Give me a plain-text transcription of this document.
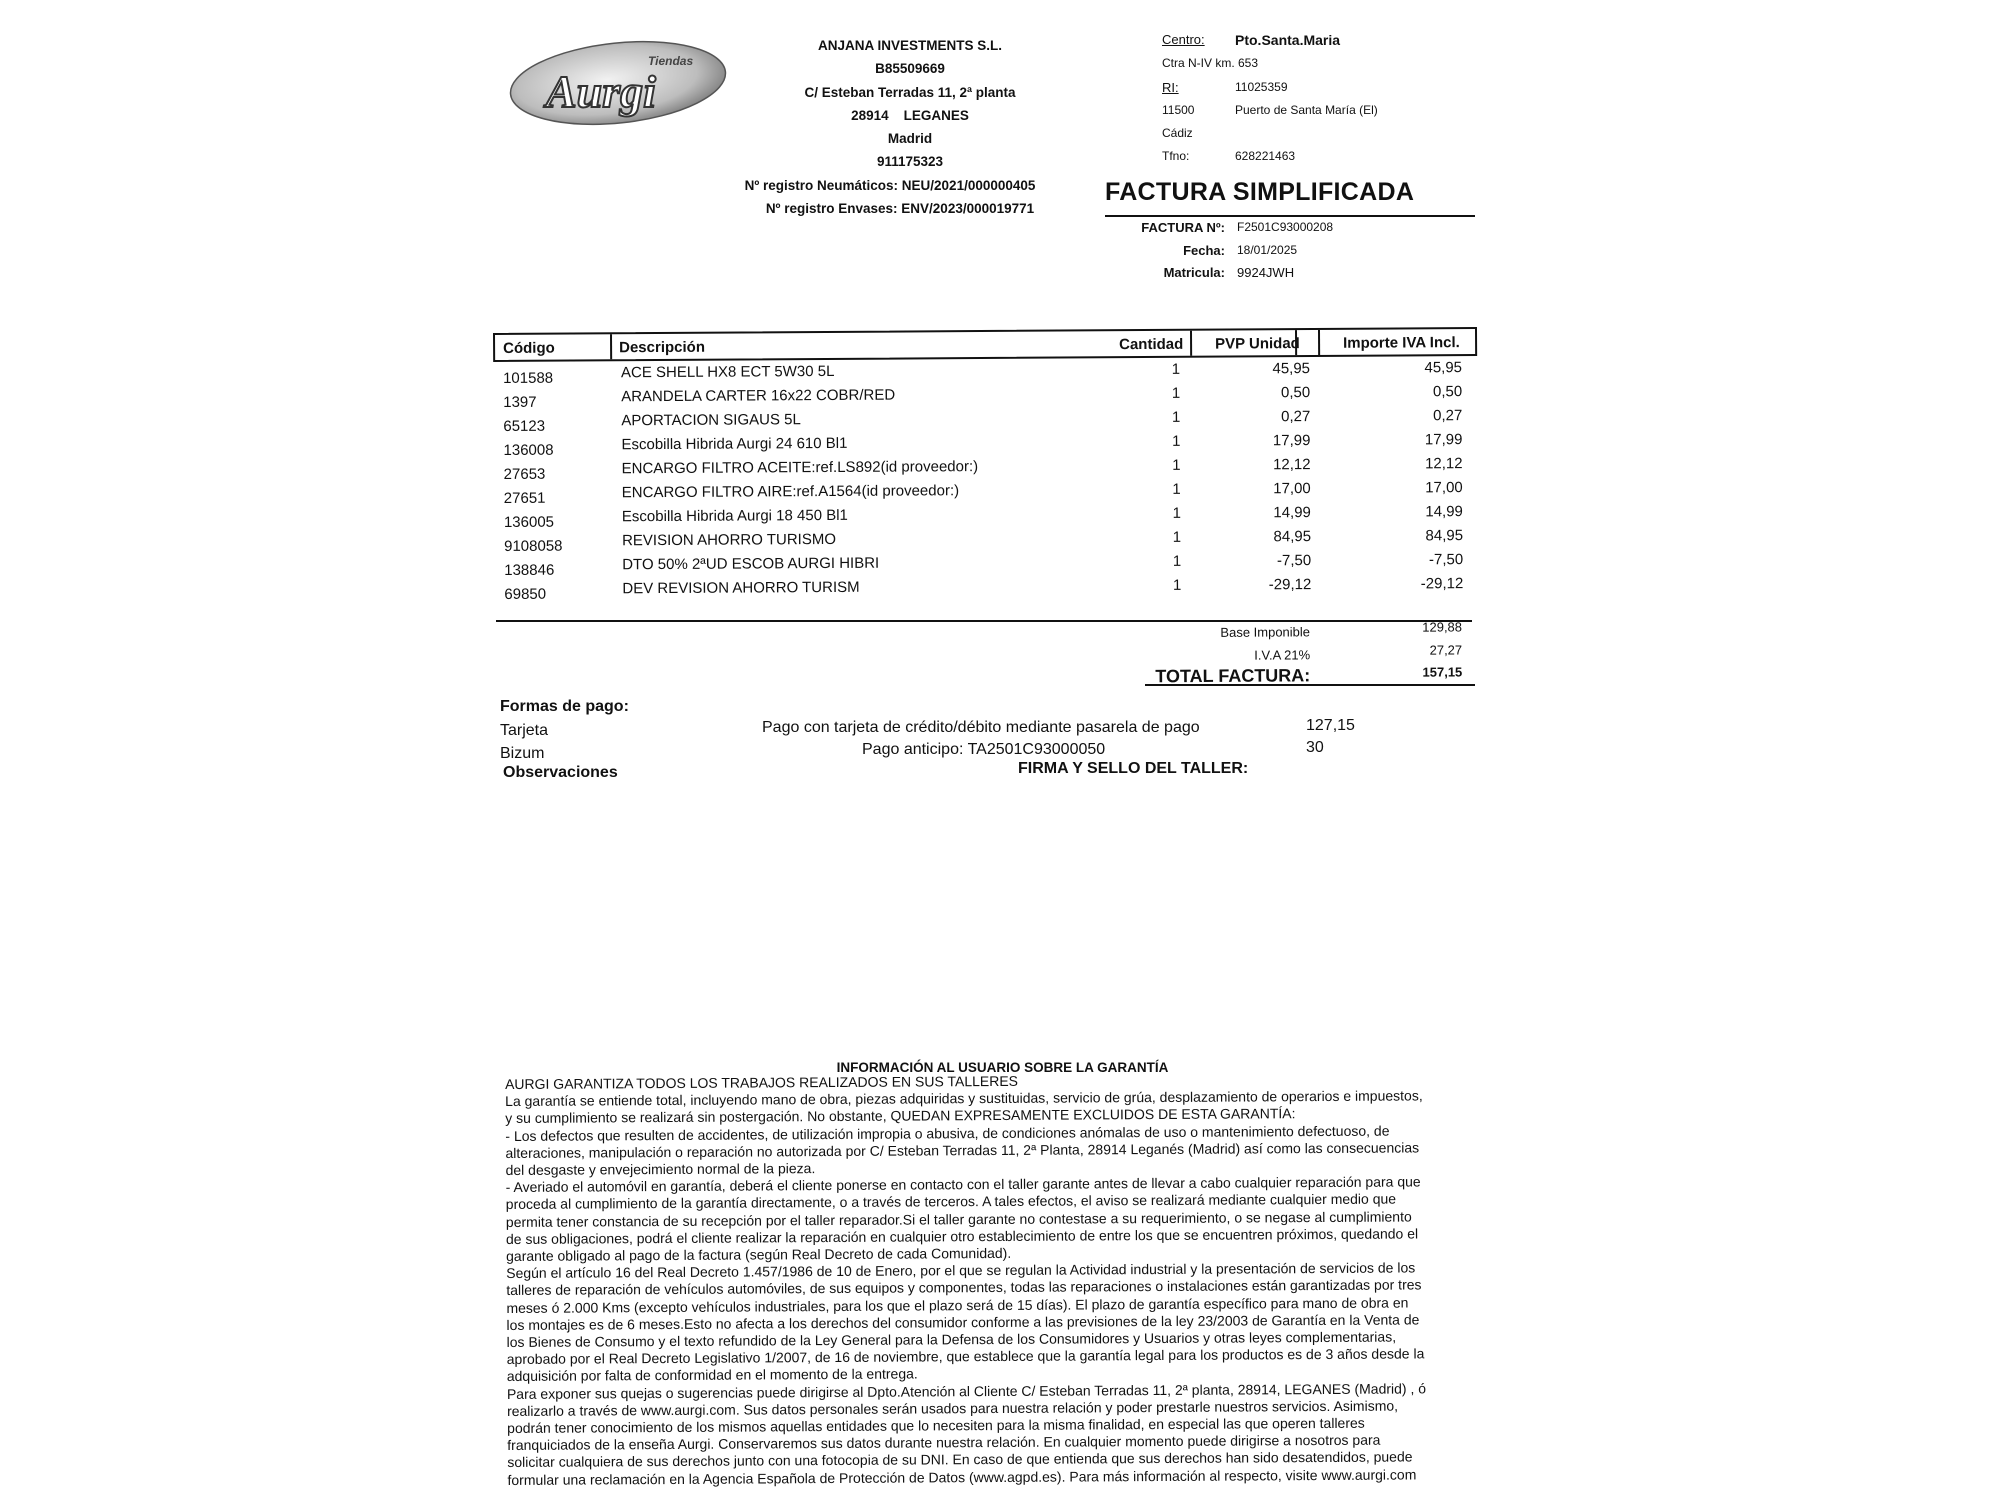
Tiendas
Aurgi
ANJANA INVESTMENTS S.L.
B85509669
C/ Esteban Terradas 11, 2ª planta
28914 LEGANES
Madrid
911175323
Nº registro Neumáticos: NEU/2021/000000405
Nº registro Envases: ENV/2023/000019771
Centro: Pto.Santa.Maria
Ctra N-IV km. 653
RI:	11025359
11500	Puerto de Santa María (El)
Cádiz
Tfno:	628221463
FACTURA SIMPLIFICADA
FACTURA Nº: F2501C93000208
Fecha: 18/01/2025
Matricula: 9924JWH
Código	Descripción	Cantidad PVP Unidad	Importe IVA Incl.
101588	ACE SHELL HX8 ECT 5W30 5L	1	45,95	45,95
1397	ARANDELA CARTER 16x22 COBR/RED	1	0,50	0,50
65123	APORTACION SIGAUS 5L	1	0,27	0,27
136008	Escobilla Hibrida Aurgi 24 610 Bl1	1	17,99	17,99
27653	ENCARGO FILTRO ACEITE:ref.LS892(id proveedor:)	1	12,12	12,12
27651	ENCARGO FILTRO AIRE:ref.A1564(id proveedor:)	1	17,00	17,00
136005	Escobilla Hibrida Aurgi 18 450 Bl1	1	14,99	14,99
9108058	REVISION AHORRO TURISMO	1	84,95	84,95
138846	DTO 50% 2ªUD ESCOB AURGI HIBRI	1	-7,50	-7,50
69850	DEV REVISION AHORRO TURISM	1	-29,12	-29,12
Base Imponible	129,88
I.V.A 21%	27,27
TOTAL FACTURA:	157,15
Formas de pago:
Tarjeta	Pago con tarjeta de crédito/débito mediante pasarela de pago	127,15
Bizum	Pago anticipo: TA2501C93000050	30
Observaciones	FIRMA Y SELLO DEL TALLER:
INFORMACIÓN AL USUARIO SOBRE LA GARANTÍA
AURGI GARANTIZA TODOS LOS TRABAJOS REALIZADOS EN SUS TALLERES
La garantía se entiende total, incluyendo mano de obra, piezas adquiridas y sustituidas, servicio de grúa, desplazamiento de operarios e impuestos,
y su cumplimiento se realizará sin postergación. No obstante, QUEDAN EXPRESAMENTE EXCLUIDOS DE ESTA GARANTÍA:
- Los defectos que resulten de accidentes, de utilización impropia o abusiva, de condiciones anómalas de uso o mantenimiento defectuoso, de
alteraciones, manipulación o reparación no autorizada por C/ Esteban Terradas 11, 2ª Planta, 28914 Leganés (Madrid) así como las consecuencias
del desgaste y envejecimiento normal de la pieza.
- Averiado el automóvil en garantía, deberá el cliente ponerse en contacto con el taller garante antes de llevar a cabo cualquier reparación para que
proceda al cumplimiento de la garantía directamente, o a través de terceros. A tales efectos, el aviso se realizará mediante cualquier medio que
permita tener constancia de su recepción por el taller reparador.Si el taller garante no contestase a su requerimiento, o se negase al cumplimiento
de sus obligaciones, podrá el cliente realizar la reparación en cualquier otro establecimiento de entre los que se encuentren próximos, quedando el
garante obligado al pago de la factura (según Real Decreto de cada Comunidad).
Según el artículo 16 del Real Decreto 1.457/1986 de 10 de Enero, por el que se regulan la Actividad industrial y la presentación de servicios de los
talleres de reparación de vehículos automóviles, de sus equipos y componentes, todas las reparaciones o instalaciones están garantizadas por tres
meses ó 2.000 Kms (excepto vehículos industriales, para los que el plazo será de 15 días). El plazo de garantía específico para mano de obra en
los montajes es de 6 meses.Esto no afecta a los derechos del consumidor conforme a las previsiones de la ley 23/2003 de Garantía en la Venta de
los Bienes de Consumo y el texto refundido de la Ley General para la Defensa de los Consumidores y Usuarios y otras leyes complementarias,
aprobado por el Real Decreto Legislativo 1/2007, de 16 de noviembre, que establece que la garantía legal para los productos es de 3 años desde la
adquisición por falta de conformidad en el momento de la entrega.
Para exponer sus quejas o sugerencias puede dirigirse al Dpto.Atención al Cliente C/ Esteban Terradas 11, 2ª planta, 28914, LEGANES (Madrid) , ó
realizarlo a través de www.aurgi.com. Sus datos personales serán usados para nuestra relación y poder prestarle nuestros servicios. Asimismo,
podrán tener conocimiento de los mismos aquellas entidades que lo necesiten para la misma finalidad, en especial las que operen talleres
franquiciados de la enseña Aurgi. Conservaremos sus datos durante nuestra relación. En cualquier momento puede dirigirse a nosotros para
solicitar cualquiera de sus derechos junto con una fotocopia de su DNI. En caso de que entienda que sus derechos han sido desatendidos, puede
formular una reclamación en la Agencia Española de Protección de Datos (www.agpd.es). Para más información al respecto, visite www.aurgi.com
